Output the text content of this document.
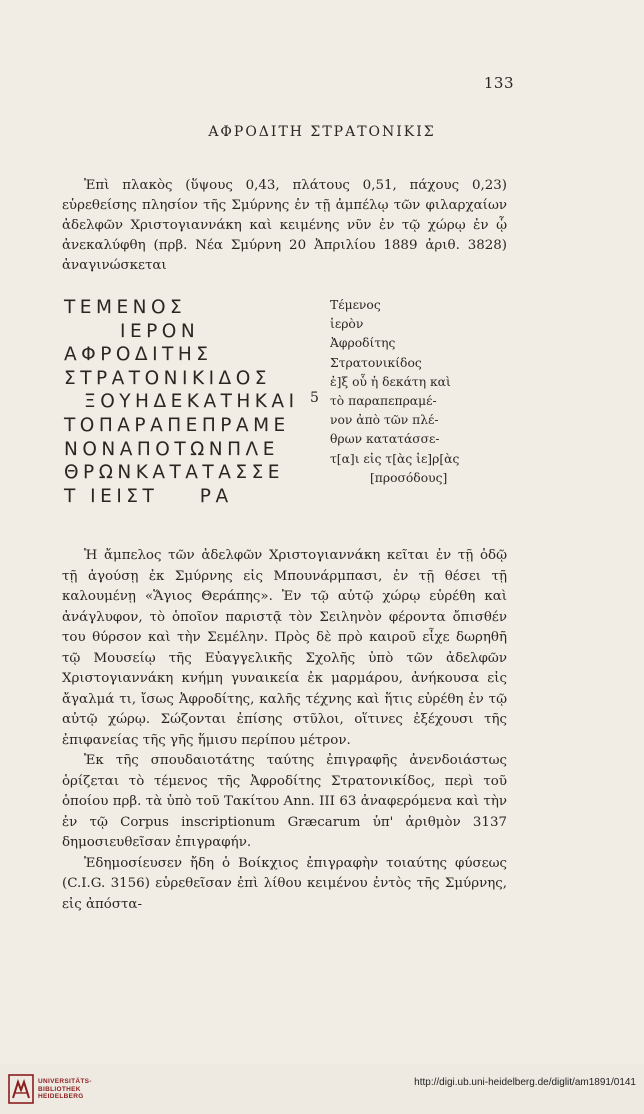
133
ΑΦΡΟΔΙΤΗ ΣΤΡΑΤΟΝΙΚΙΣ

Ἐπὶ πλακὸς (ὕψους 0,43, πλάτους 0,51, πάχους 0,23) εὑρεθείσης πλησίον τῆς Σμύρνης ἐν τῇ ἀμπέλῳ τῶν φιλαρχαίων ἀδελφῶν Χριστογιαννάκη καὶ κειμένης νῦν ἐν τῷ χώρῳ ἐν ᾧ ἀνεκαλύφθη (πρβ. Νέα Σμύρνη 20 Ἀπριλίου 1889 ἀριθ. 3828) ἀναγινώσκεται

ΤΕΜΕΝΟΣ
ΙΕΡΟΝ
ΑΦΡΟΔΙΤΗΣ
ΣΤΡΑΤΟΝΙΚΙΔΟΣ
ΞΟΥΗΔΕΚΑΤΗΚΑΙ
ΤΟΠΑΡΑΠΕΠΡΑΜΕ
ΝΟΝΑΠΟΤΩΝΠΛΕ
ΘΡΩΝΚΑΤΑΤΑΣΣΕ
Τ ΙΕΙΣΤ    ΡΑ
5
Τέμενος
ἱερὸν
Ἀφροδίτης
Στρατονικίδος
ἐ]ξ οὗ ἡ δεκάτη καὶ
τὸ παραπεπραμέ-
νον ἀπὸ τῶν πλέ-
θρων κατατάσσε-
τ[α]ι εἰς τ[ὰς ἱε]ρ[ὰς
[προσόδους]

Ἡ ἄμπελος τῶν ἀδελφῶν Χριστογιαννάκη κεῖται ἐν τῇ ὁδῷ τῇ ἀγούσῃ ἐκ Σμύρνης εἰς Μπουνάρμπασι, ἐν τῇ θέσει τῇ καλουμένῃ «Ἅγιος Θεράπης». Ἐν τῷ αὐτῷ χώρῳ εὑρέθη καὶ ἀνάγλυφον, τὸ ὁποῖον παριστᾷ τὸν Σειληνὸν φέροντα ὄπισθέν του θύρσον καὶ τὴν Σεμέλην. Πρὸς δὲ πρὸ καιροῦ εἶχε δωρηθῆ τῷ Μουσείῳ τῆς Εὐαγγελικῆς Σχολῆς ὑπὸ τῶν ἀδελφῶν Χριστογιαννάκη κνήμη γυναικεία ἐκ μαρμάρου, ἀνήκουσα εἰς ἄγαλμά τι, ἴσως Ἀφροδίτης, καλῆς τέχνης καὶ ἥτις εὑρέθη ἐν τῷ αὐτῷ χώρῳ. Σώζονται ἐπίσης στῦλοι, οἵτινες ἐξέχουσι τῆς ἐπιφανείας τῆς γῆς ἥμισυ περίπου μέτρον.

Ἐκ τῆς σπουδαιοτάτης ταύτης ἐπιγραφῆς ἀνενδοιάστως ὁρίζεται τὸ τέμενος τῆς Ἀφροδίτης Στρατονικίδος, περὶ τοῦ ὁποίου πρβ. τὰ ὑπὸ τοῦ Τακίτου Ann. III 63 ἀναφερόμενα καὶ τὴν ἐν τῷ Corpus inscriptionum Græcarum ὑπ' ἀριθμὸν 3137 δημοσιευθεῖσαν ἐπιγραφήν.

Ἐδημοσίευσεν ἤδη ὁ Βοίκχιος ἐπιγραφὴν τοιαύτης φύσεως (C.I.G. 3156) εὑρεθεῖσαν ἐπὶ λίθου κειμένου ἐντὸς τῆς Σμύρνης, εἰς ἀπόστα-

UNIVERSITÄTS-
BIBLIOTHEK
HEIDELBERG
http://digi.ub.uni-heidelberg.de/diglit/am1891/0141
